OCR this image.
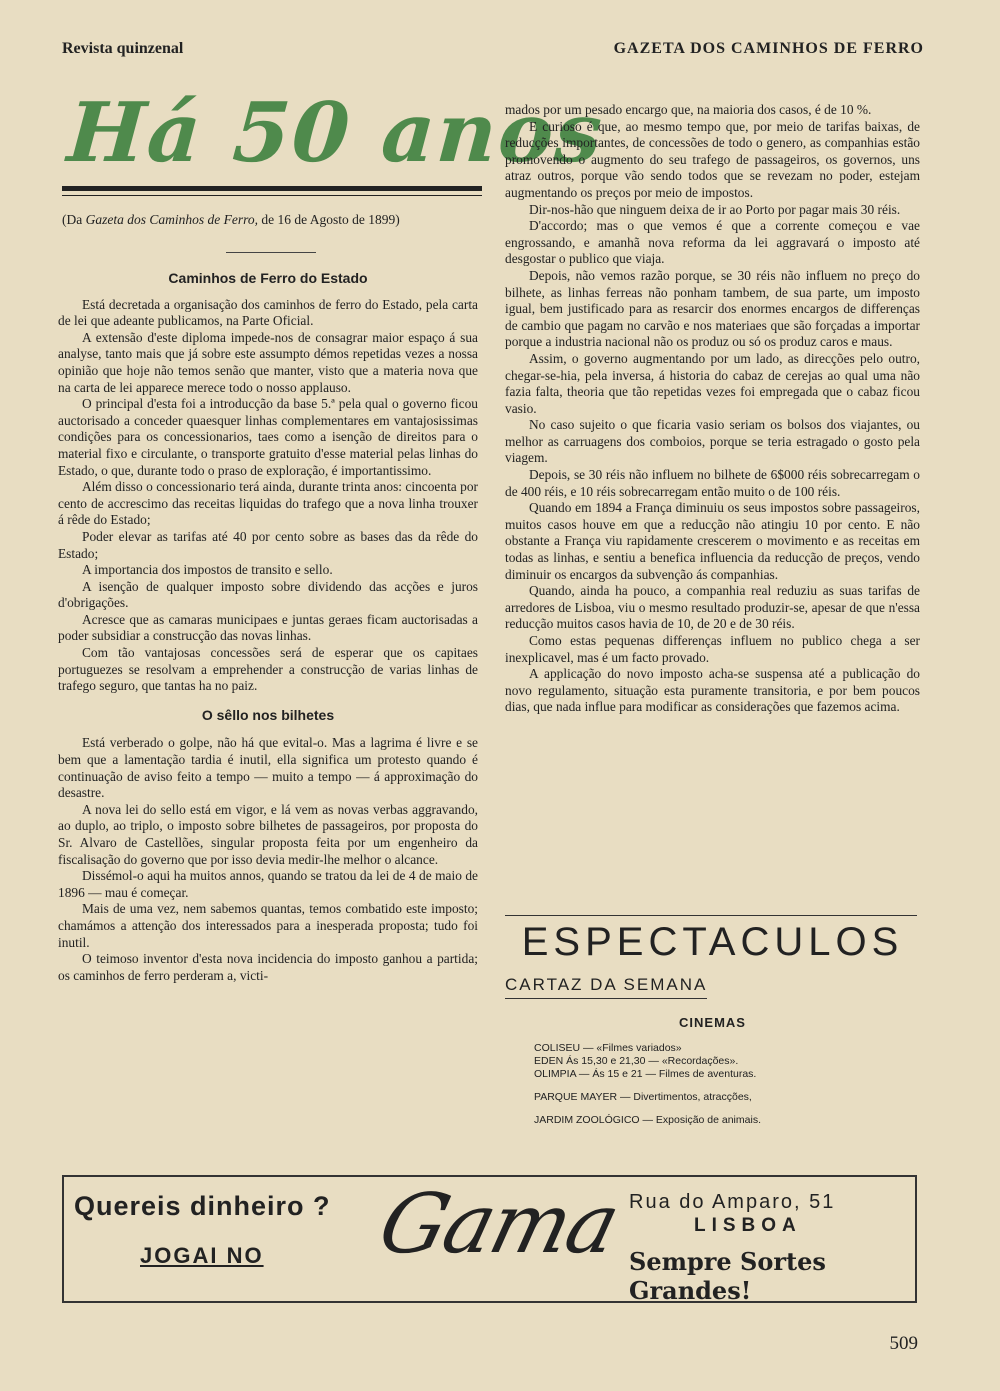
Revista quinzenal	GAZETA DOS CAMINHOS DE FERRO
Há 50 anos
(Da Gazeta dos Caminhos de Ferro, de 16 de Agosto de 1899)
Caminhos de Ferro do Estado

Está decretada a organisação dos caminhos de ferro do Estado, pela carta de lei que adeante publicamos, na Parte Oficial.

A extensão d'este diploma impede-nos de consagrar maior espaço á sua analyse, tanto mais que já sobre este assumpto démos repetidas vezes a nossa opinião que hoje não temos senão que manter, visto que a materia nova que na carta de lei apparece merece todo o nosso applauso.

O principal d'esta foi a introducção da base 5.ª pela qual o governo ficou auctorisado a conceder quaesquer linhas complementares em vantajosissimas condições para os concessionarios, taes como a isenção de direitos para o material fixo e circulante, o transporte gratuito d'esse material pelas linhas do Estado, o que, durante todo o praso de exploração, é importantissimo.

Além disso o concessionario terá ainda, durante trinta anos: cincoenta por cento de accrescimo das receitas liquidas do trafego que a nova linha trouxer á rêde do Estado;

Poder elevar as tarifas até 40 por cento sobre as bases das da rêde do Estado;

A importancia dos impostos de transito e sello.

A isenção de qualquer imposto sobre dividendo das acções e juros d'obrigações.

Acresce que as camaras municipaes e juntas geraes ficam auctorisadas a poder subsidiar a construcção das novas linhas.

Com tão vantajosas concessões será de esperar que os capitaes portuguezes se resolvam a emprehender a construcção de varias linhas de trafego seguro, que tantas ha no paiz.

O sêllo nos bilhetes

Está verberado o golpe, não há que evital-o. Mas a lagrima é livre e se bem que a lamentação tardia é inutil, ella significa um protesto quando é continuação de aviso feito a tempo — muito a tempo — á approximação do desastre.

A nova lei do sello está em vigor, e lá vem as novas verbas aggravando, ao duplo, ao triplo, o imposto sobre bilhetes de passageiros, por proposta do Sr. Alvaro de Castellões, singular proposta feita por um engenheiro da fiscalisação do governo que por isso devia medir-lhe melhor o alcance.

Dissémol-o aqui ha muitos annos, quando se tratou da lei de 4 de maio de 1896 — mau é começar.

Mais de uma vez, nem sabemos quantas, temos combatido este imposto; chamámos a attenção dos interessados para a inesperada proposta; tudo foi inutil.

O teimoso inventor d'esta nova incidencia do imposto ganhou a partida; os caminhos de ferro perderam a, victi-

mados por um pesado encargo que, na maioria dos casos, é de 10 %.

E curioso é que, ao mesmo tempo que, por meio de tarifas baixas, de reducções importantes, de concessões de todo o genero, as companhias estão promovendo o augmento do seu trafego de passageiros, os governos, uns atraz outros, porque vão sendo todos que se revezam no poder, estejam augmentando os preços por meio de impostos.

Dir-nos-hão que ninguem deixa de ir ao Porto por pagar mais 30 réis.

D'accordo; mas o que vemos é que a corrente começou e vae engrossando, e amanhã nova reforma da lei aggravará o imposto até desgostar o publico que viaja.

Depois, não vemos razão porque, se 30 réis não influem no preço do bilhete, as linhas ferreas não ponham tambem, de sua parte, um imposto igual, bem justificado para as resarcir dos enormes encargos de differenças de cambio que pagam no carvão e nos materiaes que são forçadas a importar porque a industria nacional não os produz ou só os produz caros e maus.

Assim, o governo augmentando por um lado, as direcções pelo outro, chegar-se-hia, pela inversa, á historia do cabaz de cerejas ao qual uma não fazia falta, theoria que tão repetidas vezes foi empregada que o cabaz ficou vasio.

No caso sujeito o que ficaria vasio seriam os bolsos dos viajantes, ou melhor as carruagens dos comboios, porque se teria estragado o gosto pela viagem.

Depois, se 30 réis não influem no bilhete de 6$000 réis sobrecarregam o de 400 réis, e 10 réis sobrecarregam então muito o de 100 réis.

Quando em 1894 a França diminuiu os seus impostos sobre passageiros, muitos casos houve em que a reducção não atingiu 10 por cento. E não obstante a França viu rapidamente crescerem o movimento e as receitas em todas as linhas, e sentiu a benefica influencia da reducção de preços, vendo diminuir os encargos da subvenção ás companhias.

Quando, ainda ha pouco, a companhia real reduziu as suas tarifas de arredores de Lisboa, viu o mesmo resultado produzir-se, apesar de que n'essa reducção muitos casos havia de 10, de 20 e de 30 réis.

Como estas pequenas differenças influem no publico chega a ser inexplicavel, mas é um facto provado.

A applicação do novo imposto acha-se suspensa até a publicação do novo regulamento, situação esta puramente transitoria, e por bem poucos dias, que nada influe para modificar as considerações que fazemos acima.

ESPECTACULOS
CARTAZ DA SEMANA
CINEMAS
COLISEU — «Filmes variados»
EDEN Ás 15,30 e 21,30 — «Recordações».
OLIMPIA — Ás 15 e 21 — Filmes de aventuras.
PARQUE MAYER — Divertimentos, atracções,
JARDIM ZOOLÓGICO — Exposição de animais.
Quereis dinheiro ?
JOGAI NO Gama Rua do Amparo, 51
LISBOA
Sempre Sortes Grandes!
509
